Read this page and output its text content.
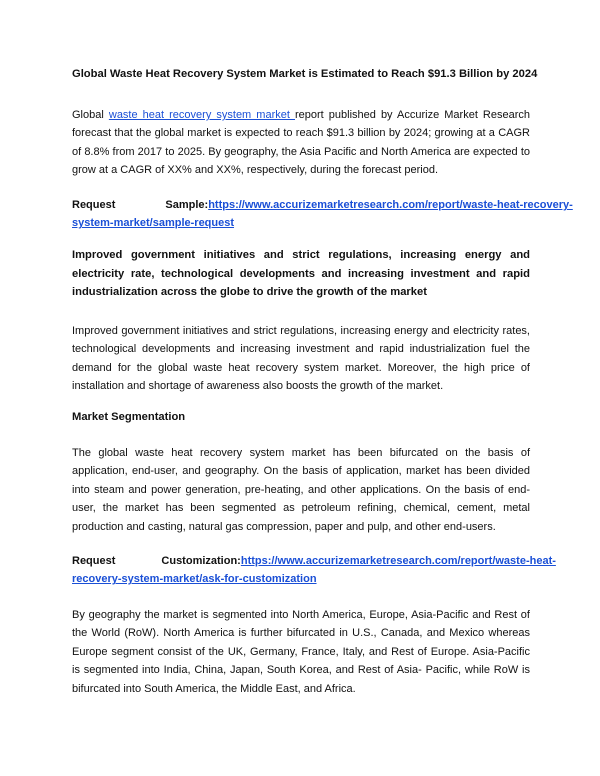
Global Waste Heat Recovery System Market is Estimated to Reach $91.3 Billion by 2024

Global waste heat recovery system market report published by Accurize Market Research forecast that the global market is expected to reach $91.3 billion by 2024; growing at a CAGR of 8.8% from 2017 to 2025. By geography, the Asia Pacific and North America are expected to grow at a CAGR of XX% and XX%, respectively, during the forecast period.

Request	Sample: https://www.accurizemarketresearch.com/report/waste-heat-recovery-
system-market/sample-request

Improved government initiatives and strict regulations, increasing energy and electricity rate, technological developments and increasing investment and rapid industrialization across the globe to drive the growth of the market

Improved government initiatives and strict regulations, increasing energy and electricity rates, technological developments and increasing investment and rapid industrialization fuel the demand for the global waste heat recovery system market. Moreover, the high price of installation and shortage of awareness also boosts the growth of the market.

Market Segmentation

The global waste heat recovery system market has been bifurcated on the basis of application, end-user, and geography. On the basis of application, market has been divided into steam and power generation, pre-heating, and other applications. On the basis of end-user, the market has been segmented as petroleum refining, chemical, cement, metal production and casting, natural gas compression, paper and pulp, and other end-users.

Request	Customization: https://www.accurizemarketresearch.com/report/waste-heat-
recovery-system-market/ask-for-customization

By geography the market is segmented into North America, Europe, Asia-Pacific and Rest of the World (RoW). North America is further bifurcated in U.S., Canada, and Mexico whereas Europe segment consist of the UK, Germany, France, Italy, and Rest of Europe. Asia-Pacific is segmented into India, China, Japan, South Korea, and Rest of Asia- Pacific, while RoW is bifurcated into South America, the Middle East, and Africa.
